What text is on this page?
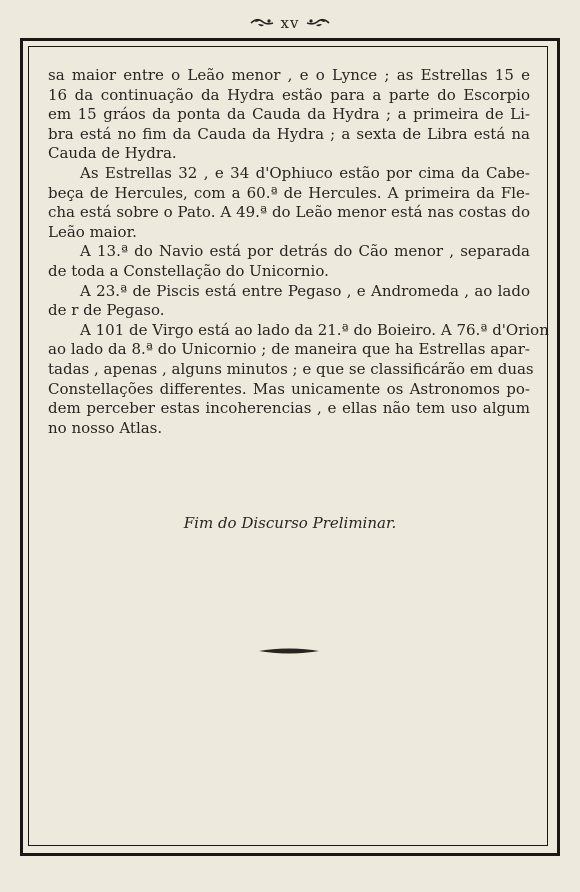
xv

sa maior entre o Leão menor , e o Lynce ; as Estrellas 15 e
16 da continuação da Hydra estão para a parte do Escorpio
em 15 gráos da ponta da Cauda da Hydra ; a primeira de Li-
bra está no fim da Cauda da Hydra ; a sexta de Libra está na
Cauda de Hydra.

As Estrellas 32 , e 34 d'Ophiuco estão por cima da Cabe-
beça de Hercules, com a 60.ª de Hercules. A primeira da Fle-
cha está sobre o Pato. A 49.ª do Leão menor está nas costas do
Leão maior.

A 13.ª do Navio está por detrás do Cão menor , separada
de toda a Constellação do Unicornio.

A 23.ª de Piscis está entre Pegaso , e Andromeda , ao lado
de r de Pegaso.

A 101 de Virgo está ao lado da 21.ª do Boieiro. A 76.ª d'Orion
ao lado da 8.ª do Unicornio ; de maneira que ha Estrellas apar-
tadas , apenas , alguns minutos ; e que se classificárão em duas
Constellações differentes. Mas unicamente os Astronomos po-
dem perceber estas incoherencias , e ellas não tem uso algum
no nosso Atlas.

Fim do Discurso Preliminar.
